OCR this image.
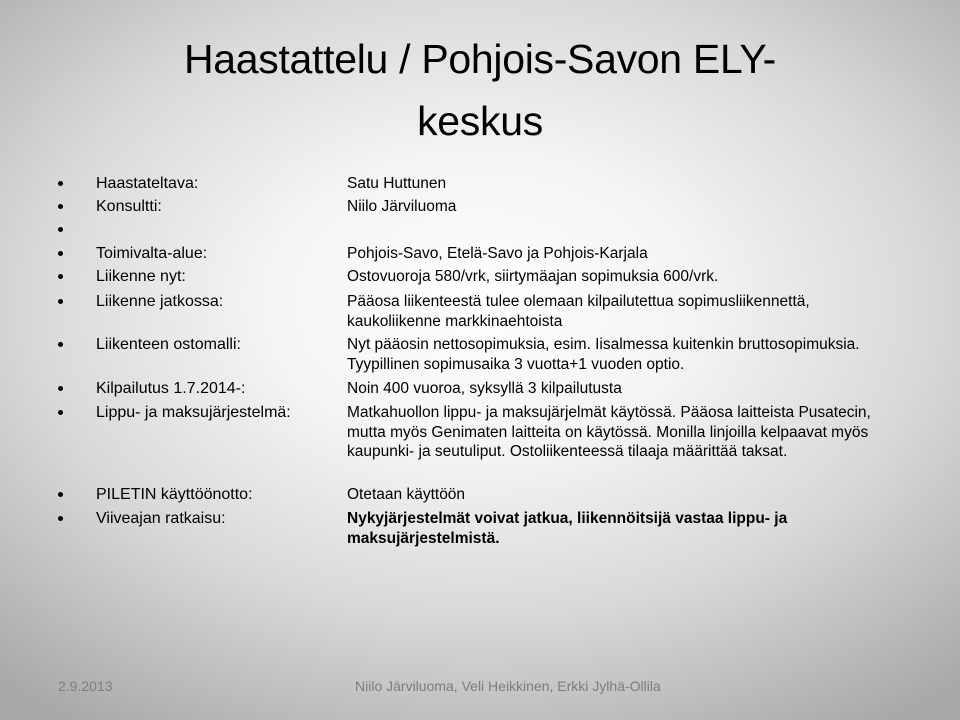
Haastattelu / Pohjois-Savon ELY-
keskus
Haastateltava:	Satu Huttunen
Konsultti:	Niilo Järviluoma
Toimivalta-alue:	Pohjois-Savo, Etelä-Savo ja Pohjois-Karjala
Liikenne nyt:	Ostovuoroja 580/vrk, siirtymäajan sopimuksia 600/vrk.
Liikenne jatkossa:	Pääosa liikenteestä tulee olemaan kilpailutettua sopimusliikennettä, kaukoliikenne markkinaehtoista
Liikenteen ostomalli:	Nyt pääosin nettosopimuksia, esim. Iisalmessa kuitenkin bruttosopimuksia. Tyypillinen sopimusaika 3 vuotta+1 vuoden optio.
Kilpailutus 1.7.2014-:	Noin 400 vuoroa, syksyllä 3 kilpailutusta
Lippu- ja maksujärjestelmä:	Matkahuollon lippu- ja maksujärjelmät käytössä. Pääosa laitteista Pusatecin, mutta myös Genimaten laitteita on käytössä. Monilla linjoilla kelpaavat myös kaupunki- ja seutuliput. Ostoliikenteessä tilaaja määrittää taksat.
PILETIN käyttöönotto:	Otetaan käyttöön
Viiveajan ratkaisu:	Nykyjärjestelmät voivat jatkua, liikennöitsijä vastaa lippu- ja maksujärjestelmistä.
2.9.2013	Niilo Järviluoma, Veli Heikkinen, Erkki Jylhä-Ollila
